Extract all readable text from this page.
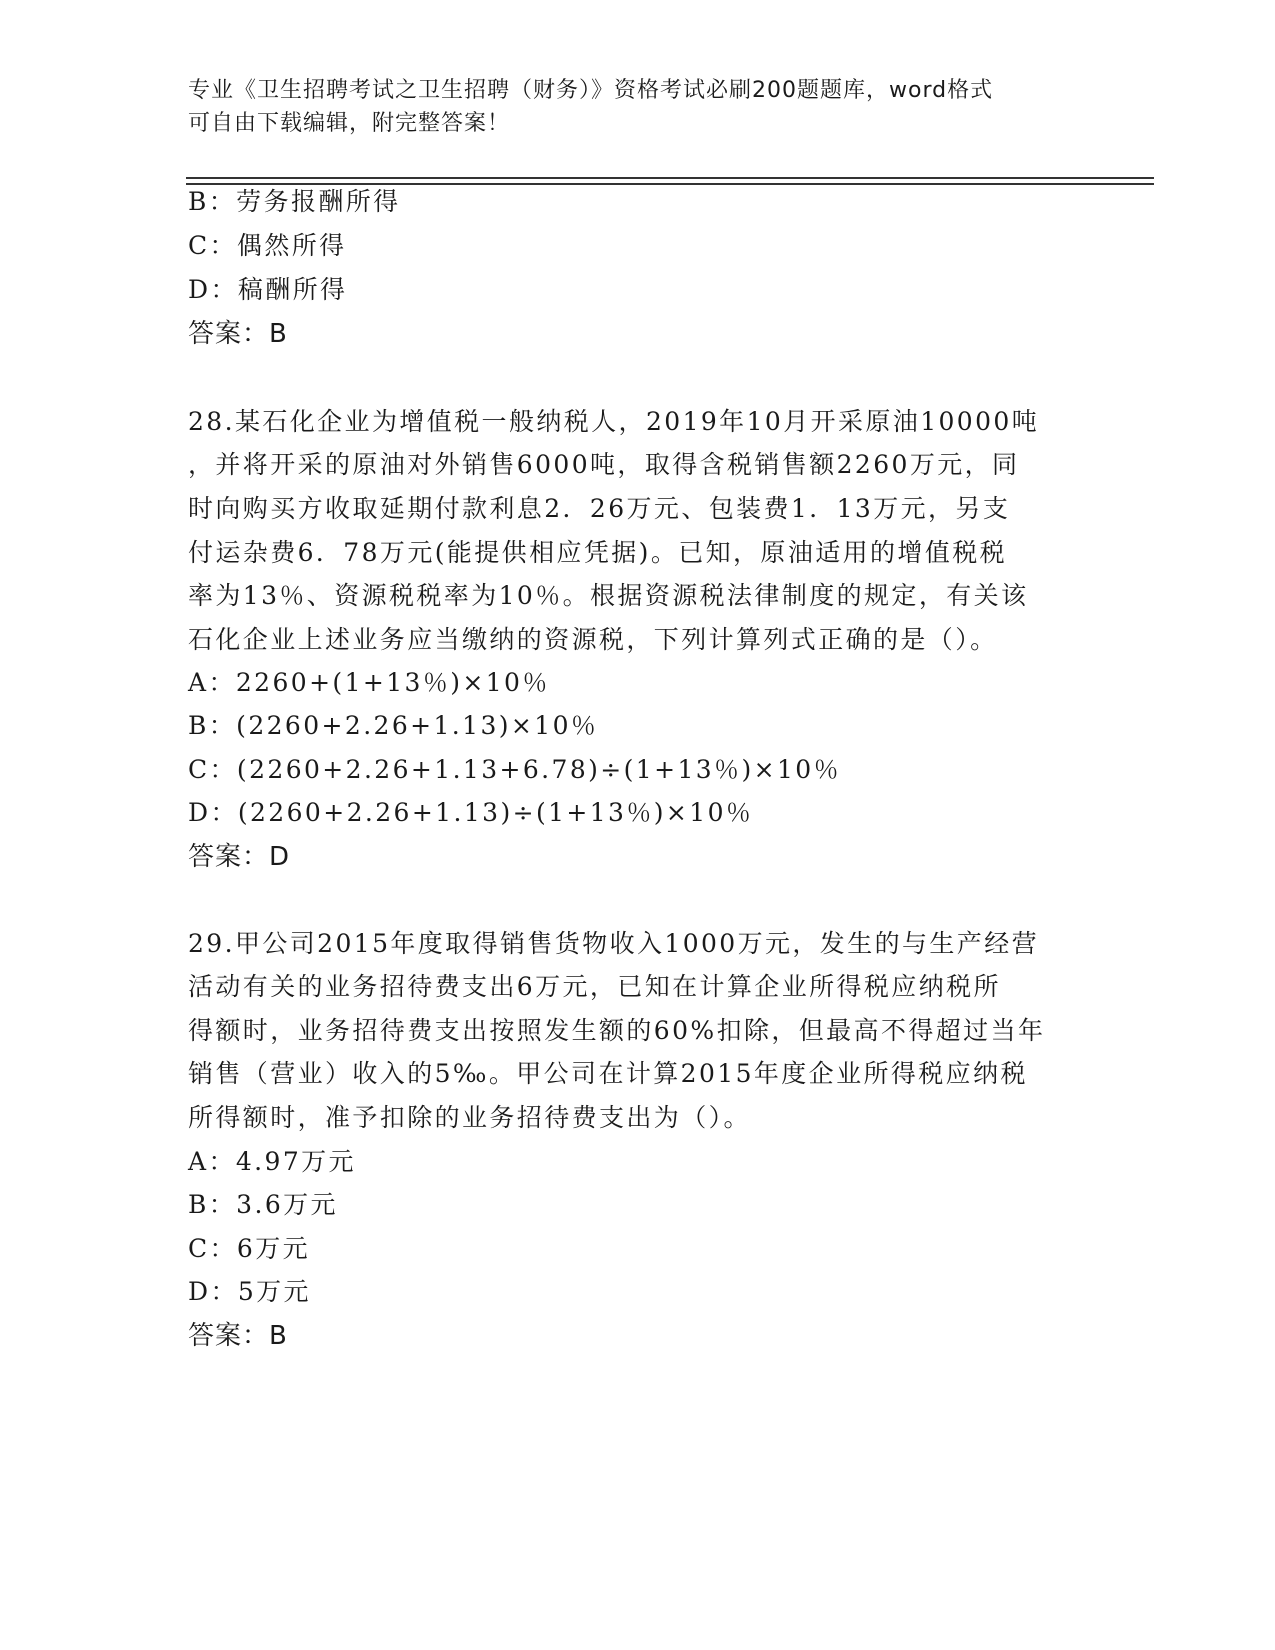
专业《卫生招聘考试之卫生招聘（财务）》资格考试必刷200题题库，word格式
可自由下载编辑，附完整答案！
B：劳务报酬所得
C：偶然所得
D：稿酬所得
答案：B
28.某石化企业为增值税一般纳税人，2019年10月开采原油10000吨
，并将开采的原油对外销售6000吨，取得含税销售额2260万元，同
时向购买方收取延期付款利息2．26万元、包装费1．13万元，另支
付运杂费6．78万元(能提供相应凭据)。已知，原油适用的增值税税
率为13％、资源税税率为10％。根据资源税法律制度的规定，有关该
石化企业上述业务应当缴纳的资源税，下列计算列式正确的是（）。
A：2260+(1+13％)×10％
B：(2260+2.26+1.13)×10％
C：(2260+2.26+1.13+6.78)÷(1+13％)×10％
D：(2260+2.26+1.13)÷(1+13％)×10％
答案：D
29.甲公司2015年度取得销售货物收入1000万元，发生的与生产经营
活动有关的业务招待费支出6万元，已知在计算企业所得税应纳税所
得额时，业务招待费支出按照发生额的60%扣除，但最高不得超过当年
销售（营业）收入的5‰。甲公司在计算2015年度企业所得税应纳税
所得额时，准予扣除的业务招待费支出为（）。
A：4.97万元
B：3.6万元
C：6万元
D：5万元
答案：B
